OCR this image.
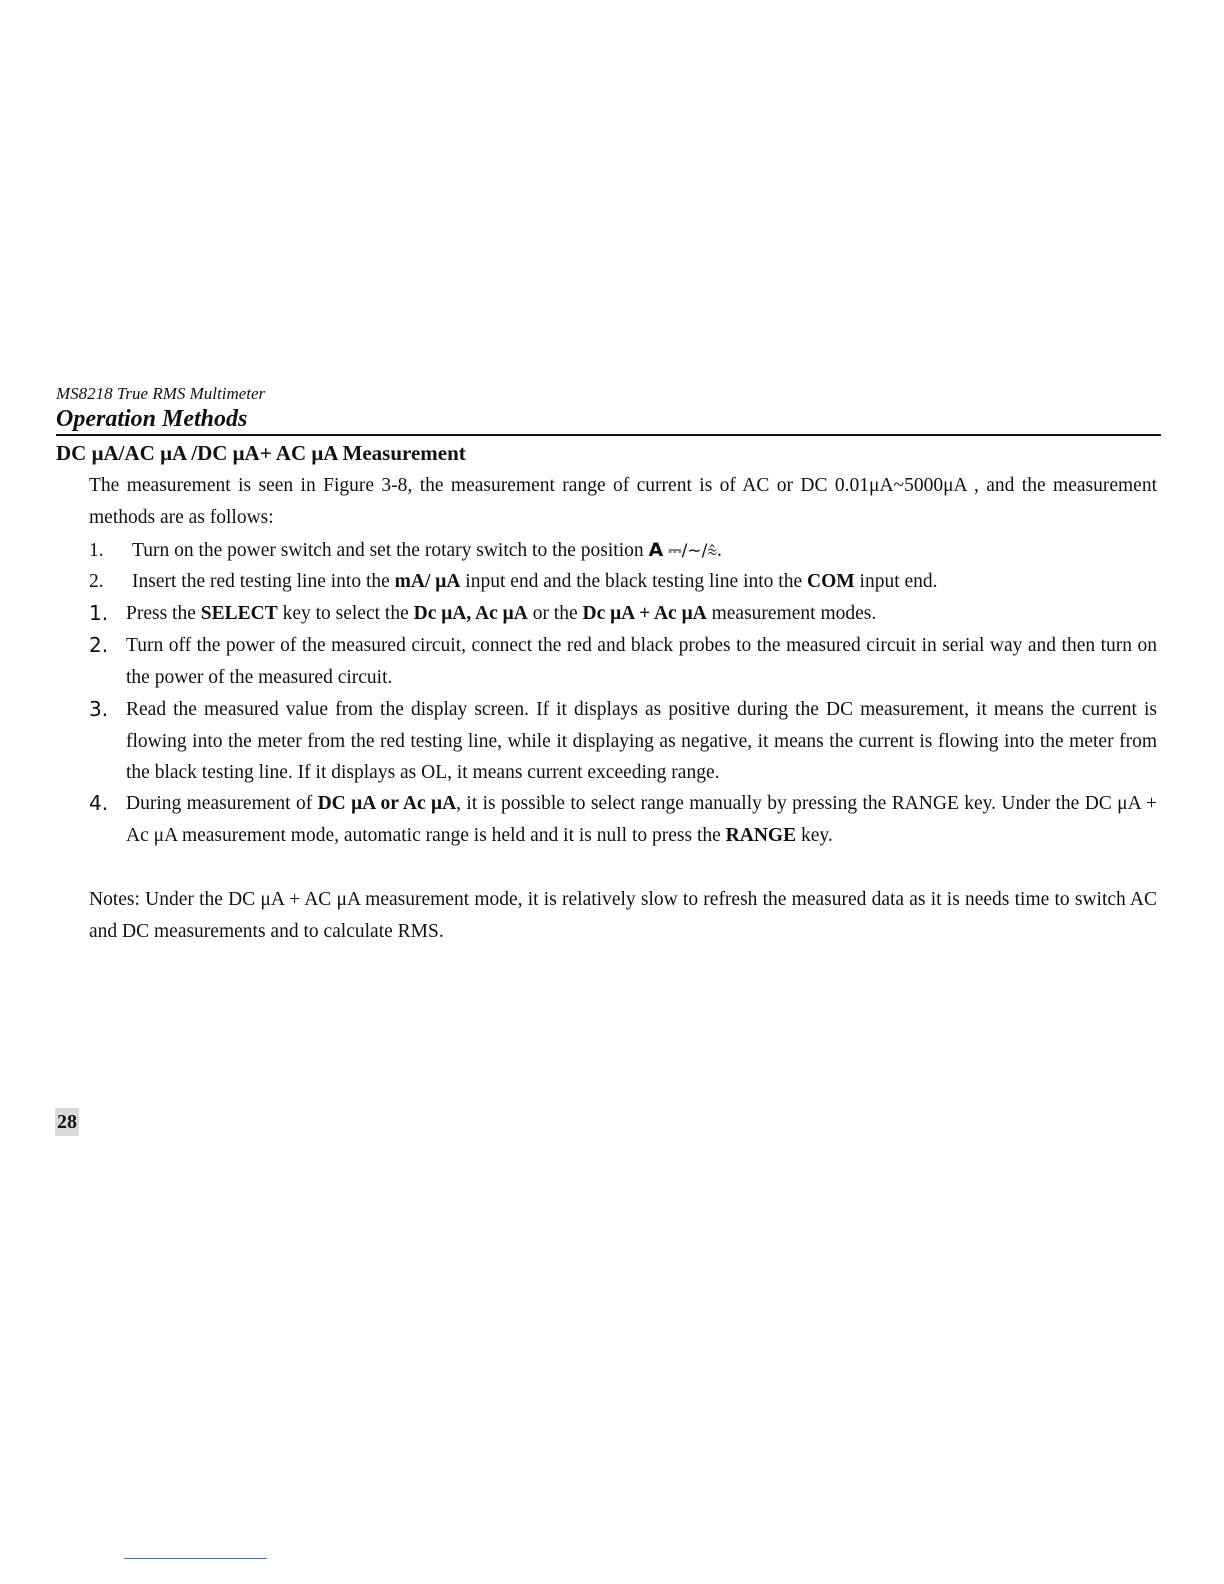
MS8218 True RMS Multimeter
Operation Methods
DC μA/AC μA /DC μA+ AC μA Measurement
The measurement is seen in Figure 3-8, the measurement range of current is of AC or DC 0.01μA~5000μA , and the measurement methods are as follows:
1. Turn on the power switch and set the rotary switch to the position A ⎓/∼/⩯.
2. Insert the red testing line into the mA/ μA input end and the black testing line into the COM input end.
1. Press the SELECT key to select the Dc μA, Ac μA or the Dc μA + Ac μA measurement modes.
2. Turn off the power of the measured circuit, connect the red and black probes to the measured circuit in serial way and then turn on the power of the measured circuit.
3. Read the measured value from the display screen. If it displays as positive during the DC measurement, it means the current is flowing into the meter from the red testing line, while it displaying as negative, it means the current is flowing into the meter from the black testing line. If it displays as OL, it means current exceeding range.
4. During measurement of DC μA or Ac μA, it is possible to select range manually by pressing the RANGE key. Under the DC μA + Ac μA measurement mode, automatic range is held and it is null to press the RANGE key.
Notes: Under the DC μA + AC μA measurement mode, it is relatively slow to refresh the measured data as it is needs time to switch AC and DC measurements and to calculate RMS.
28
